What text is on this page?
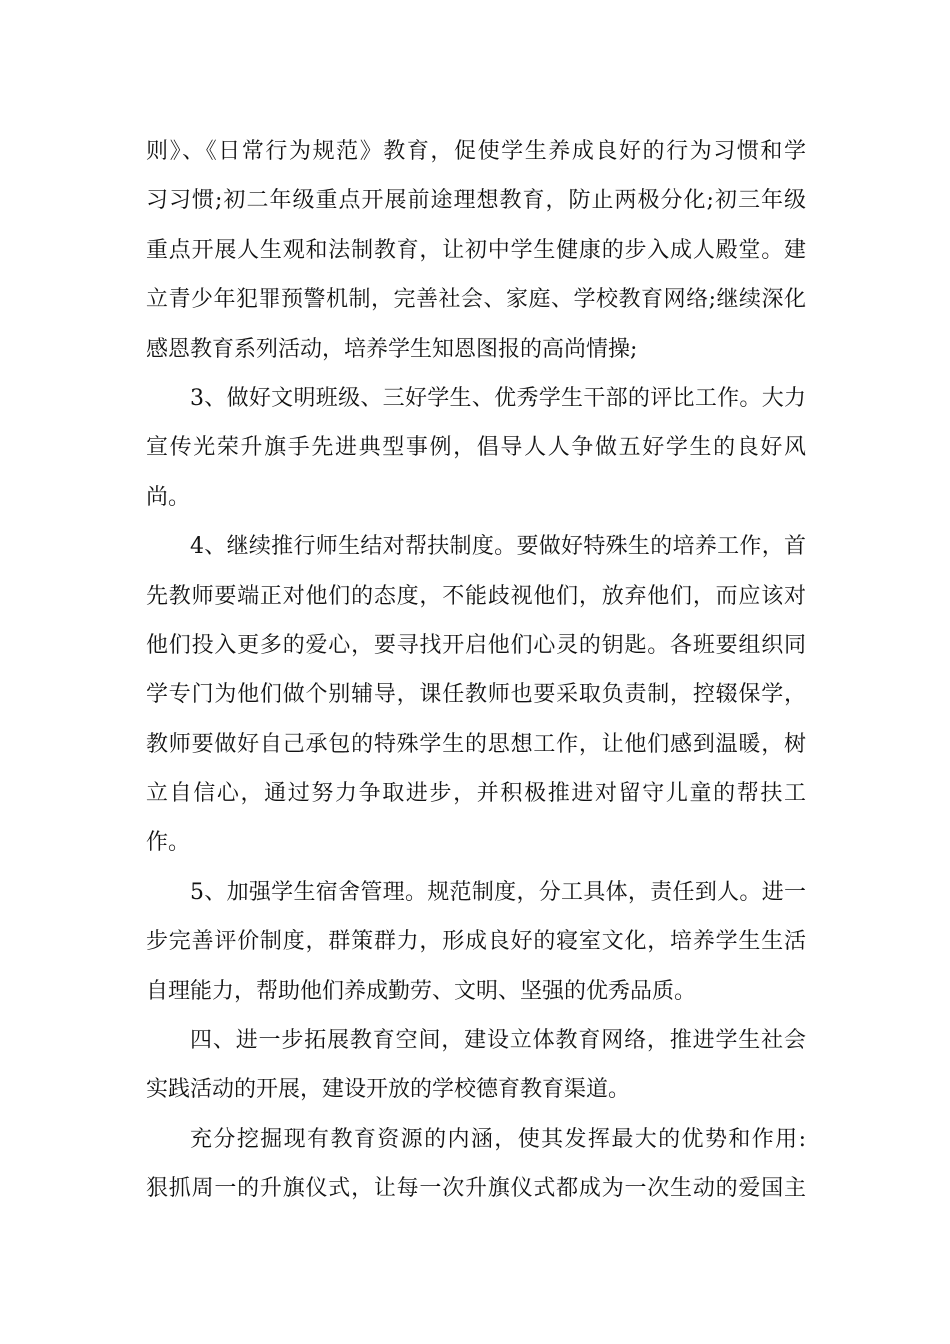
则》、《日常行为规范》教育，促使学生养成良好的行为习惯和学
习习惯;初二年级重点开展前途理想教育，防止两极分化;初三年级
重点开展人生观和法制教育，让初中学生健康的步入成人殿堂。建
立青少年犯罪预警机制，完善社会、家庭、学校教育网络;继续深化
感恩教育系列活动，培养学生知恩图报的高尚情操;
3、做好文明班级、三好学生、优秀学生干部的评比工作。大力
宣传光荣升旗手先进典型事例，倡导人人争做五好学生的良好风
尚。
4、继续推行师生结对帮扶制度。要做好特殊生的培养工作，首
先教师要端正对他们的态度，不能歧视他们，放弃他们，而应该对
他们投入更多的爱心，要寻找开启他们心灵的钥匙。各班要组织同
学专门为他们做个别辅导，课任教师也要采取负责制，控辍保学，
教师要做好自己承包的特殊学生的思想工作，让他们感到温暖，树
立自信心，通过努力争取进步，并积极推进对留守儿童的帮扶工
作。
5、加强学生宿舍管理。规范制度，分工具体，责任到人。进一
步完善评价制度，群策群力，形成良好的寝室文化，培养学生生活
自理能力，帮助他们养成勤劳、文明、坚强的优秀品质。
四、进一步拓展教育空间，建设立体教育网络，推进学生社会
实践活动的开展，建设开放的学校德育教育渠道。
充分挖掘现有教育资源的内涵，使其发挥最大的优势和作用:
狠抓周一的升旗仪式，让每一次升旗仪式都成为一次生动的爱国主
